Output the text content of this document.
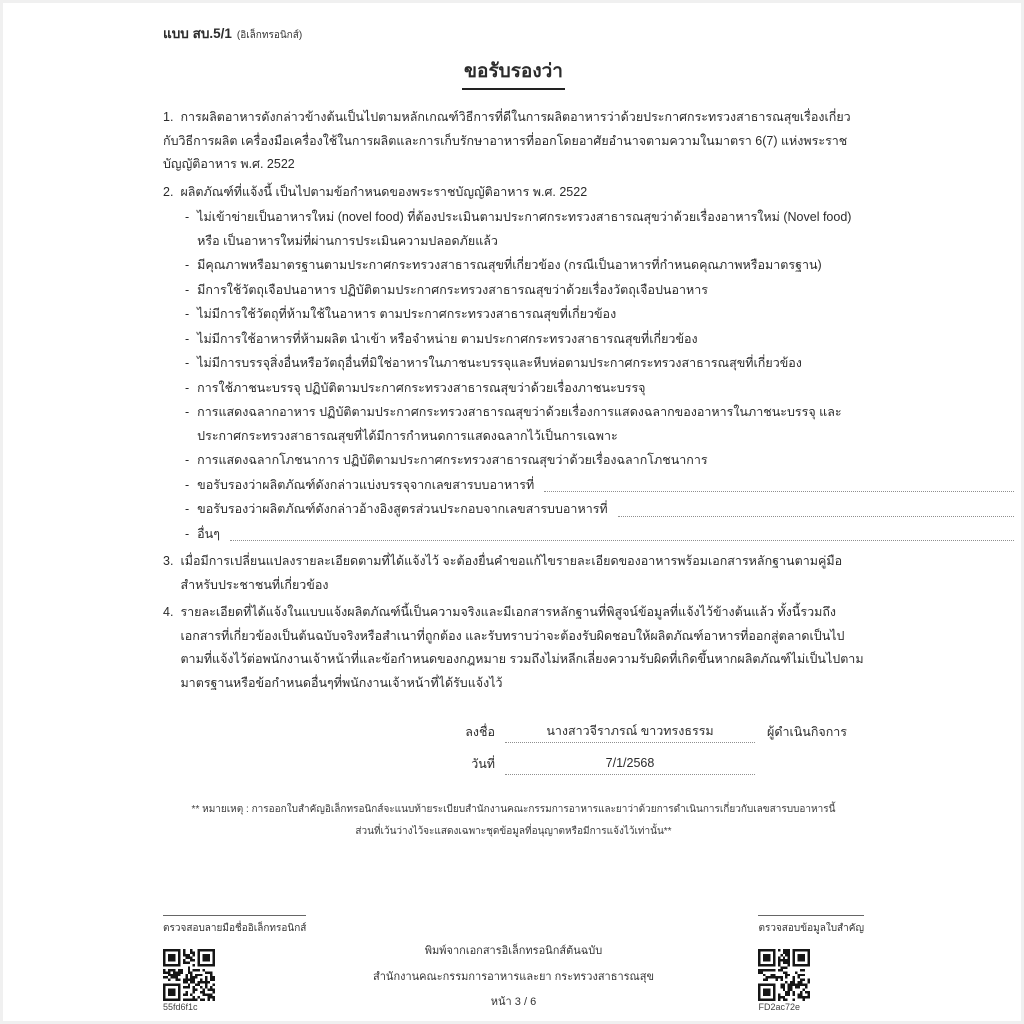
แบบ สบ.5/1 (อิเล็กทรอนิกส์)
ขอรับรองว่า

1. การผลิตอาหารดังกล่าวข้างต้นเป็นไปตามหลักเกณฑ์วิธีการที่ดีในการผลิตอาหารว่าด้วยประกาศกระทรวงสาธารณสุขเรื่องเกี่ยวกับวิธีการผลิต เครื่องมือเครื่องใช้ในการผลิตและการเก็บรักษาอาหารที่ออกโดยอาศัยอำนาจตามความในมาตรา 6(7) แห่งพระราชบัญญัติอาหาร พ.ศ. 2522

2. ผลิตภัณฑ์ที่แจ้งนี้ เป็นไปตามข้อกำหนดของพระราชบัญญัติอาหาร พ.ศ. 2522
- ไม่เข้าข่ายเป็นอาหารใหม่ (novel food) ที่ต้องประเมินตามประกาศกระทรวงสาธารณสุขว่าด้วยเรื่องอาหารใหม่ (Novel food) หรือ เป็นอาหารใหม่ที่ผ่านการประเมินความปลอดภัยแล้ว
- มีคุณภาพหรือมาตรฐานตามประกาศกระทรวงสาธารณสุขที่เกี่ยวข้อง (กรณีเป็นอาหารที่กำหนดคุณภาพหรือมาตรฐาน)
- มีการใช้วัตถุเจือปนอาหาร ปฏิบัติตามประกาศกระทรวงสาธารณสุขว่าด้วยเรื่องวัตถุเจือปนอาหาร
- ไม่มีการใช้วัตถุที่ห้ามใช้ในอาหาร ตามประกาศกระทรวงสาธารณสุขที่เกี่ยวข้อง
- ไม่มีการใช้อาหารที่ห้ามผลิต นำเข้า หรือจำหน่าย ตามประกาศกระทรวงสาธารณสุขที่เกี่ยวข้อง
- ไม่มีการบรรจุสิ่งอื่นหรือวัตถุอื่นที่มิใช่อาหารในภาชนะบรรจุและหีบห่อตามประกาศกระทรวงสาธารณสุขที่เกี่ยวข้อง
- การใช้ภาชนะบรรจุ ปฏิบัติตามประกาศกระทรวงสาธารณสุขว่าด้วยเรื่องภาชนะบรรจุ
- การแสดงฉลากอาหาร ปฏิบัติตามประกาศกระทรวงสาธารณสุขว่าด้วยเรื่องการแสดงฉลากของอาหารในภาชนะบรรจุ และประกาศกระทรวงสาธารณสุขที่ได้มีการกำหนดการแสดงฉลากไว้เป็นการเฉพาะ
- การแสดงฉลากโภชนาการ ปฏิบัติตามประกาศกระทรวงสาธารณสุขว่าด้วยเรื่องฉลากโภชนาการ
- ขอรับรองว่าผลิตภัณฑ์ดังกล่าวแบ่งบรรจุจากเลขสารบบอาหารที่
- ขอรับรองว่าผลิตภัณฑ์ดังกล่าวอ้างอิงสูตรส่วนประกอบจากเลขสารบบอาหารที่
- อื่นๆ
3. เมื่อมีการเปลี่ยนแปลงรายละเอียดตามที่ได้แจ้งไว้ จะต้องยื่นคำขอแก้ไขรายละเอียดของอาหารพร้อมเอกสารหลักฐานตามคู่มือสำหรับประชาชนที่เกี่ยวข้อง
4. รายละเอียดที่ได้แจ้งในแบบแจ้งผลิตภัณฑ์นี้เป็นความจริงและมีเอกสารหลักฐานที่พิสูจน์ข้อมูลที่แจ้งไว้ข้างต้นแล้ว ทั้งนี้รวมถึงเอกสารที่เกี่ยวข้องเป็นต้นฉบับจริงหรือสำเนาที่ถูกต้อง และรับทราบว่าจะต้องรับผิดชอบให้ผลิตภัณฑ์อาหารที่ออกสู่ตลาดเป็นไปตามที่แจ้งไว้ต่อพนักงานเจ้าหน้าที่และข้อกำหนดของกฎหมาย รวมถึงไม่หลีกเลี่ยงความรับผิดที่เกิดขึ้นหากผลิตภัณฑ์ไม่เป็นไปตามมาตรฐานหรือข้อกำหนดอื่นๆที่พนักงานเจ้าหน้าที่ได้รับแจ้งไว้
ลงชื่อ	นางสาวจีราภรณ์ ขาวทรงธรรม	ผู้ดำเนินกิจการ
วันที่	7/1/2568
** หมายเหตุ : การออกใบสำคัญอิเล็กทรอนิกส์จะแนบท้ายระเบียบสำนักงานคณะกรรมการอาหารและยาว่าด้วยการดำเนินการเกี่ยวกับเลขสารบบอาหารนี้
ส่วนที่เว้นว่างไว้จะแสดงเฉพาะชุดข้อมูลที่อนุญาตหรือมีการแจ้งไว้เท่านั้น**
ตรวจสอบลายมือชื่ออิเล็กทรอนิกส์
55fd6f1c
พิมพ์จากเอกสารอิเล็กทรอนิกส์ต้นฉบับ
สำนักงานคณะกรรมการอาหารและยา กระทรวงสาธารณสุข
หน้า 3 / 6
ตรวจสอบข้อมูลใบสำคัญ
FD2ac72e
